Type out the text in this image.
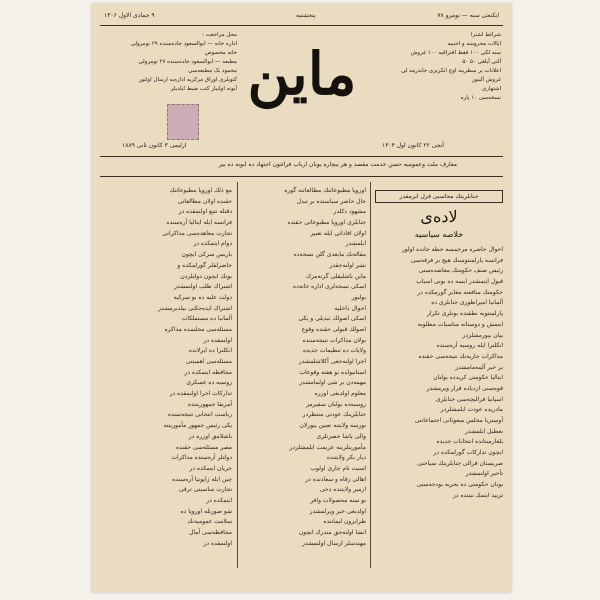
ایکنجی سنه — نومرو ۷۸
پنجشنبه
۹ جمادی الاول ۱۳۰۶
شرائط اشترا
ایالات محروسه و اجنبیه
سنه لکی ۱۰۰ فقط افتراقیه ۱۰۰ غروش
آلتی آیلغی ۵۰ ۵۰
اعلانات بر سطرینه اوچ انکریزی جاندرمه لی
غروش آلینور
اشتهاری
نسخه‌سی ۱۰ پاره
محل مراجعت :
اداره خانه — ابوالسعود جاده‌سنده ۲۹ نومرولی
خانه مخصوص
مطبعه — ابوالسعود جاده‌سنده ۲۷ نومرولی
محمود بک مطبعه‌سی
کتوبلری اوراق مرکزیه اداره‌یه ارسال اولنور
آبونه اولنیار کتب ضبط ایلدیلر ماين
آنجی ۲۲ کانون اول ۱۳۰۴
ازلیمی ۳ کانون ثانی ۱۸۸۹
معارف ملت وعمومیه حسن خدمت مقصد و هر بیچاره یوبان ارباب قرائتون اجتهاد ده آبونه ده بیز
جنابلرینك محاسبی قزل ایرمقدر
لاده‌ی
خلاصه سیاسیه
احوال حاضره مرجمسه خطه جانده اولور
فرانسه پارلمنتوسنك هیچ بر فرقه‌سی
رئیس صنف حکومتك معاضده‌سنی
قبول ایتمشدر ایسه ده بونی اسباب
حکومتك منافعنه مغایر گورمكده در
آلمانیا امپراطوری جنابلری ده
پارلمنتویه نطقنده بونلری تکرار
ایتمش و دوستانه مناسبات مطلوبه
بیان بیورمشلردر
انکلترا ایله روسیه آره‌سنده
مذاکرات جاریه‌نك نتیجه‌سی حقنده
بر خبر آلینه‌مامشدر
ایتالیا حکومتی کریدده بولنان
قوه‌سنی ازدیاده قرار ویرمشدر
اسپانیا قرالیچه‌سی جنابلری
مادریده عودت ایلمشلردر
آوستریا مجلس مبعوثانی اجتماعاتنی
تعطیل ایلمشدر
بلغارستانده انتخابات جدیده
ایچون تدارکات گورلمكده در
صربستان قرالی جنابلرینك سیاحتی
تأخیر اولنمشدر
یونان حکومتی ده بحریه بودجه‌سنی
تزیید ایتمك نیتنده در
اوروپا مطبوعاتنك مطالعاتنه گوره
حال حاضر سیاستده بر تبدل
مشهود دکلدر
جنابلری اوروپا مطبوعاتی حقنده
اولان افاداتی ایله تعبیر
ایلمشدر
مقاله‌نك مابعدی گلن نسخه‌ده
نشر اولنه‌جقدر
ماین باشلیقلی گزته‌مزك
اسكی نسخه‌لری اداره خانه‌ده
بولنور
احوال داخلیه
اسكی اصولك تبدیلی و یکی
اصولك قبولی حقنده وقوع
بولان مذاکرات نتیجه‌سنده
ولایات ده تنظیمات جدیده
اجرا اولنه‌جغی آکلاشلمشدر
استانبولده بو هفته وقوعات
مهمه‌دن بر شی اولمامشدر
معلوم اولدیغی اوزره
روسیه‌ده بولنان سفیرمز
جنابلرینك عودتی منتظردر
بورسه ولایتنه تعیین بیورلان
والی پاشا حضرتلری
مأموریتلرینه عزیمت ایلمشلردر
دیار بکر ولایتنده
امنیت تام جاری اولوب
اهالی رفاه و سعادتده در
ازمیر ولایتنده دخی
بو سنه محصولات وافر
اولدیغی خبر ویرلمشدر
طرابزون لیماننده
انشا اولنه‌جق مندرك ایچون
مهندسلر ارسال اولنمشدر
مع ذلك اوروپا مطبوعاتنك
حقنده اولان مطالعاتی
دقتله تتبع اولنمقده در
فرانسه ایله ایتالیا آره‌سنده
تجارت معاهده‌سی مذاکراتی
دوام ایتمكده در
باریس سرکی ایچون
حاضرلقلر گورلمكده و
بونك ایچون دولتلردن
اشتراك طلب اولنمشدر
دولت علیه ده بو سرکیه
اشتراك ایده‌جکنی بیلدیرمشدر
آلمانیا ده مستملکات
مسئله‌سی مجلسده مذاکره
اولنمقده در
انکلترا ده ایرلانده
مسئله‌سی اهمیتنی
محافظه ایتمكده در
روسیه ده عسکری
تدارکات اجرا اولنمقده در
آمریقا جمهوریتنده
ریاست انتخابی نتیجه‌سنده
یکی رئیس جمهور مأموریتنه
باشلامق اوزره در
مصر مسئله‌سی حقنده
دولتلر آره‌سنده مذاکرات
جریان ایتمكده در
چین ایله ژاپونیا آره‌سنده
تجارت مناسبتی ترقی
ایتمكده در
شو صورتله اوروپا ده
سلامت عمومیه‌نك
محافظه‌سی آمال
اولنمقده در
